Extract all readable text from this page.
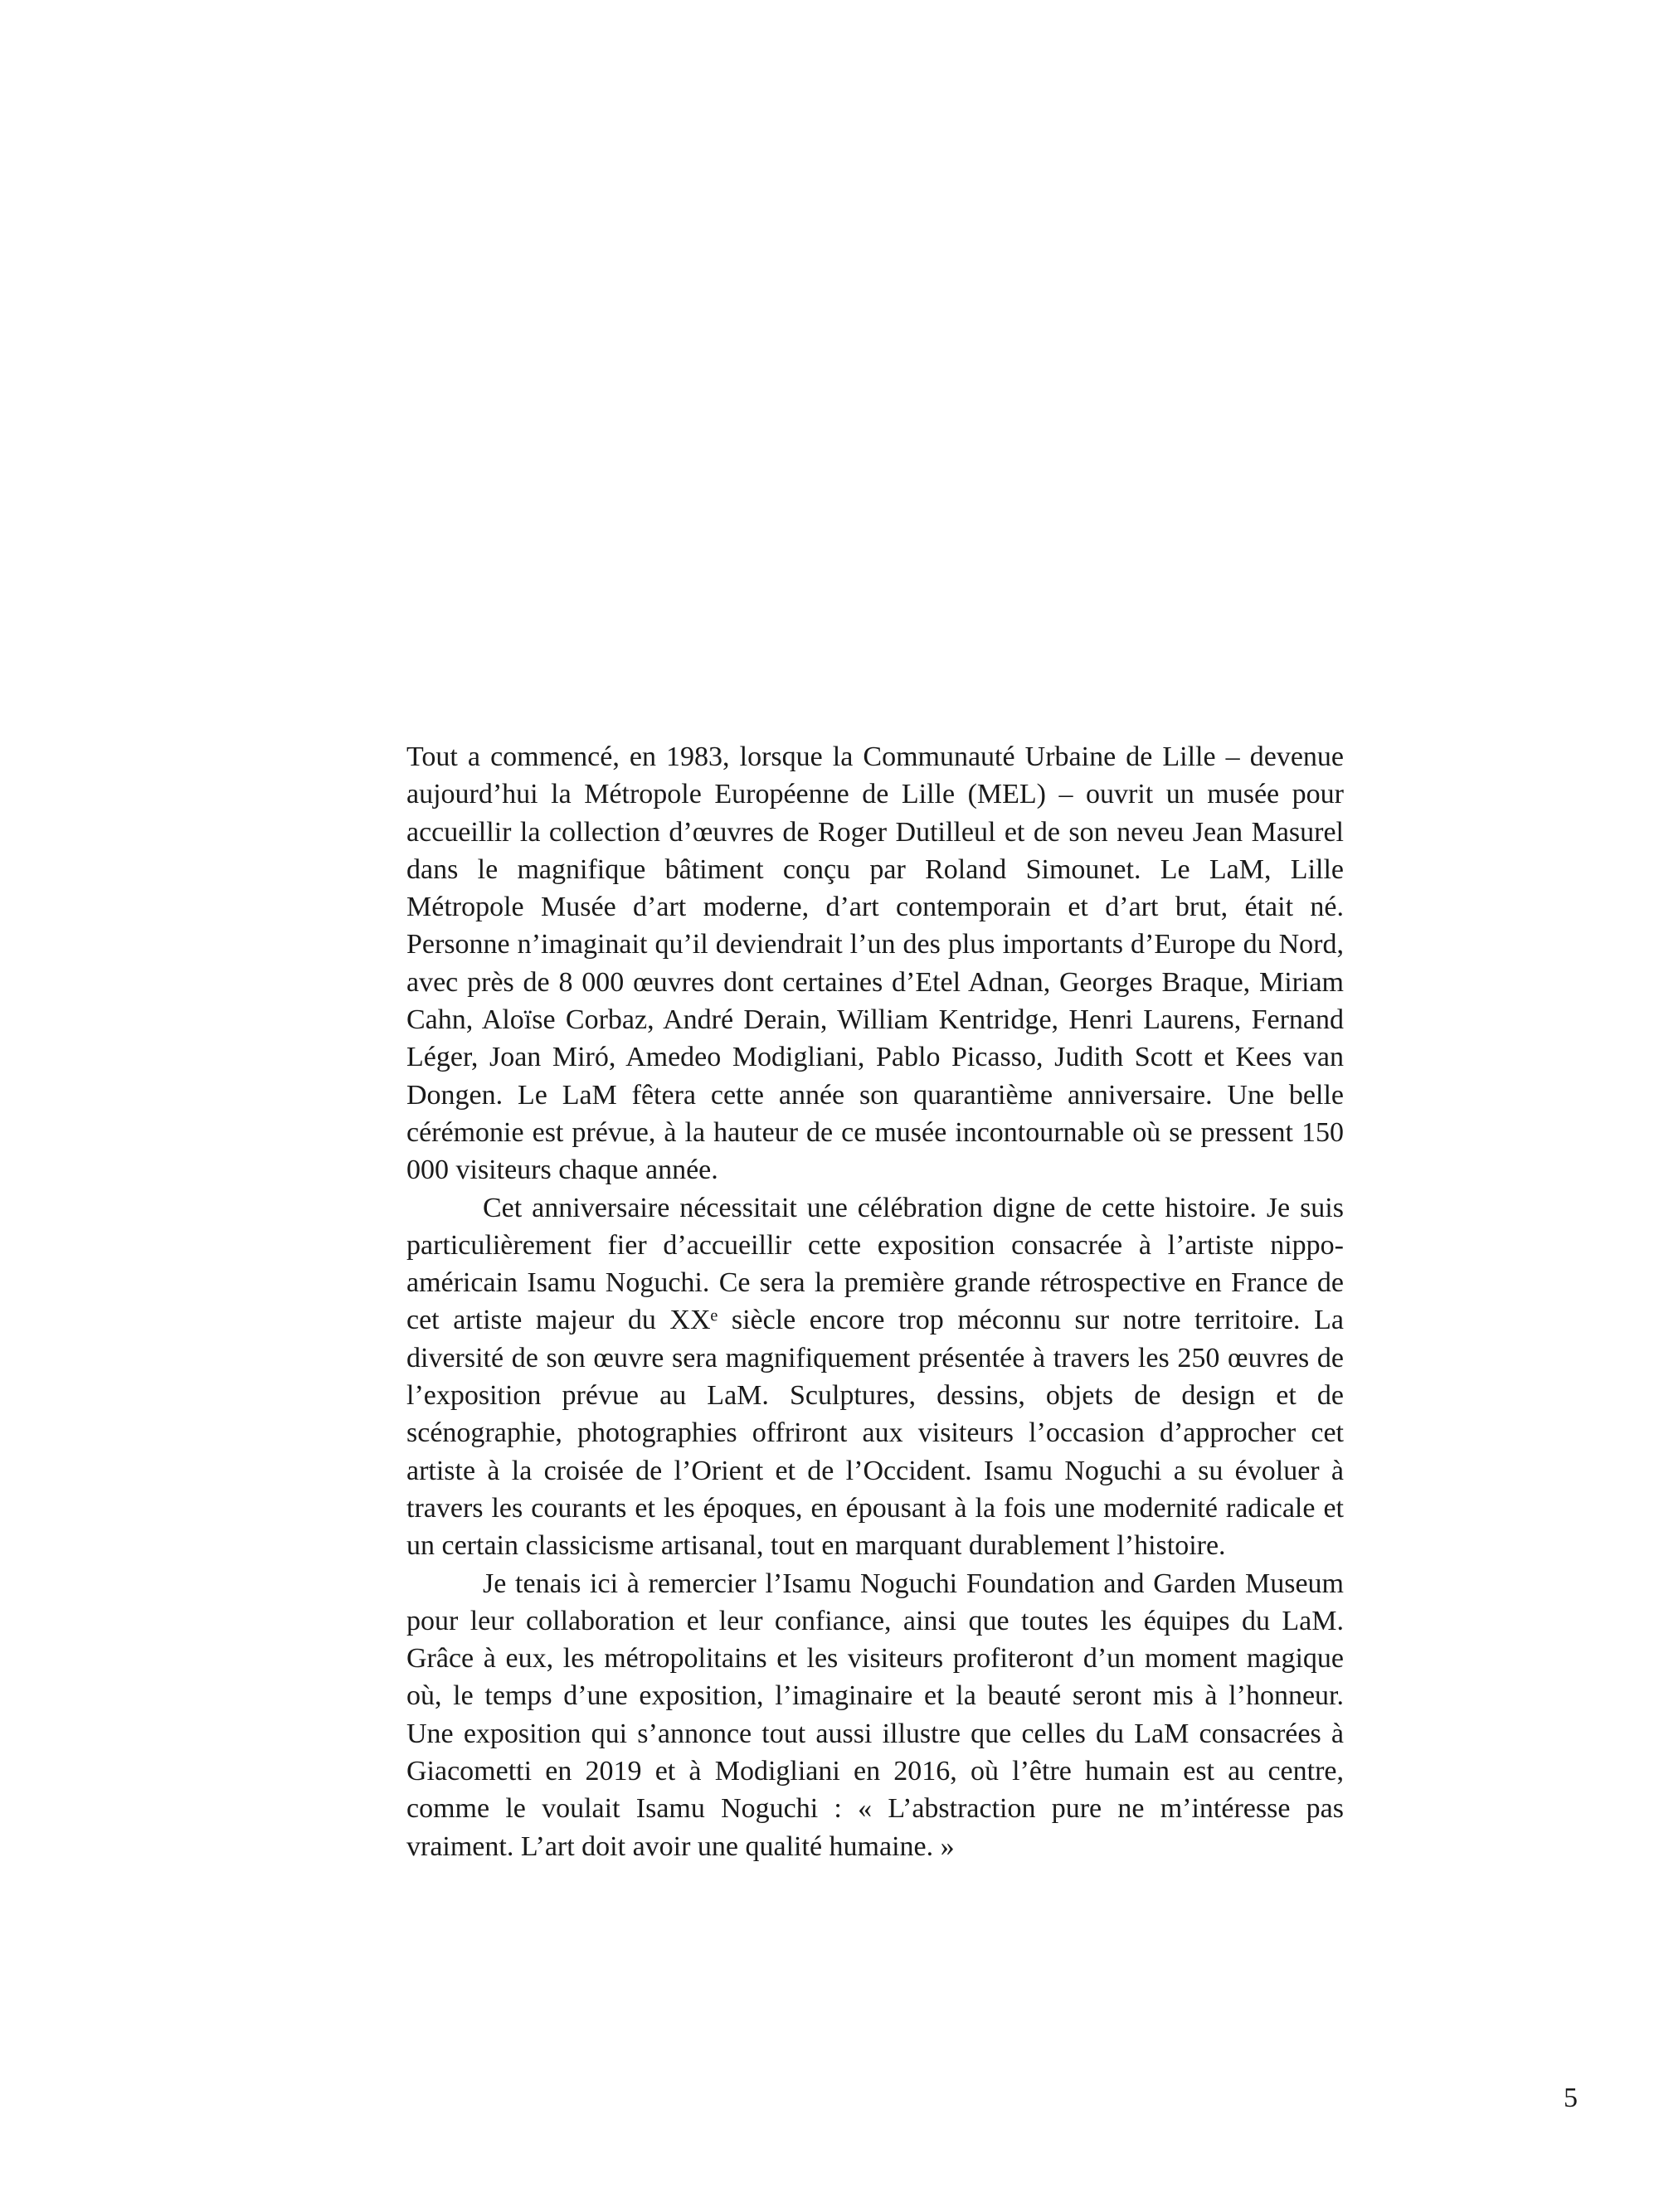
Tout a commencé, en 1983, lorsque la Communauté Urbaine de Lille – devenue aujourd’hui la Métropole Européenne de Lille (MEL) – ouvrit un musée pour accueillir la collection d’œuvres de Roger Dutilleul et de son neveu Jean Masurel dans le magnifique bâtiment conçu par Roland Simounet. Le LaM, Lille Métropole Musée d’art moderne, d’art contemporain et d’art brut, était né. Personne n’imaginait qu’il deviendrait l’un des plus importants d’Europe du Nord, avec près de 8 000 œuvres dont certaines d’Etel Adnan, Georges Braque, Miriam Cahn, Aloïse Corbaz, André Derain, William Kentridge, Henri Laurens, Fernand Léger, Joan Miró, Amedeo Modigliani, Pablo Picasso, Judith Scott et Kees van Dongen. Le LaM fêtera cette année son quarantième anniversaire. Une belle cérémonie est prévue, à la hauteur de ce musée incontournable où se pressent 150 000 visiteurs chaque année.

Cet anniversaire nécessitait une célébration digne de cette histoire. Je suis particulièrement fier d’accueillir cette exposition consacrée à l’artiste nippo-américain Isamu Noguchi. Ce sera la première grande rétrospective en France de cet artiste majeur du XXᵉ siècle encore trop méconnu sur notre territoire. La diversité de son œuvre sera magnifiquement présentée à travers les 250 œuvres de l’exposition prévue au LaM. Sculptures, dessins, objets de design et de scénographie, photographies offriront aux visiteurs l’occasion d’approcher cet artiste à la croisée de l’Orient et de l’Occident. Isamu Noguchi a su évoluer à travers les courants et les époques, en épousant à la fois une modernité radicale et un certain classicisme artisanal, tout en marquant durablement l’histoire.

Je tenais ici à remercier l’Isamu Noguchi Foundation and Garden Museum pour leur collaboration et leur confiance, ainsi que toutes les équipes du LaM. Grâce à eux, les métropolitains et les visiteurs profiteront d’un moment magique où, le temps d’une exposition, l’imaginaire et la beauté seront mis à l’honneur. Une exposition qui s’annonce tout aussi illustre que celles du LaM consacrées à Giacometti en 2019 et à Modigliani en 2016, où l’être humain est au centre, comme le voulait Isamu Noguchi : « L’abstraction pure ne m’intéresse pas vraiment. L’art doit avoir une qualité humaine. »

5
